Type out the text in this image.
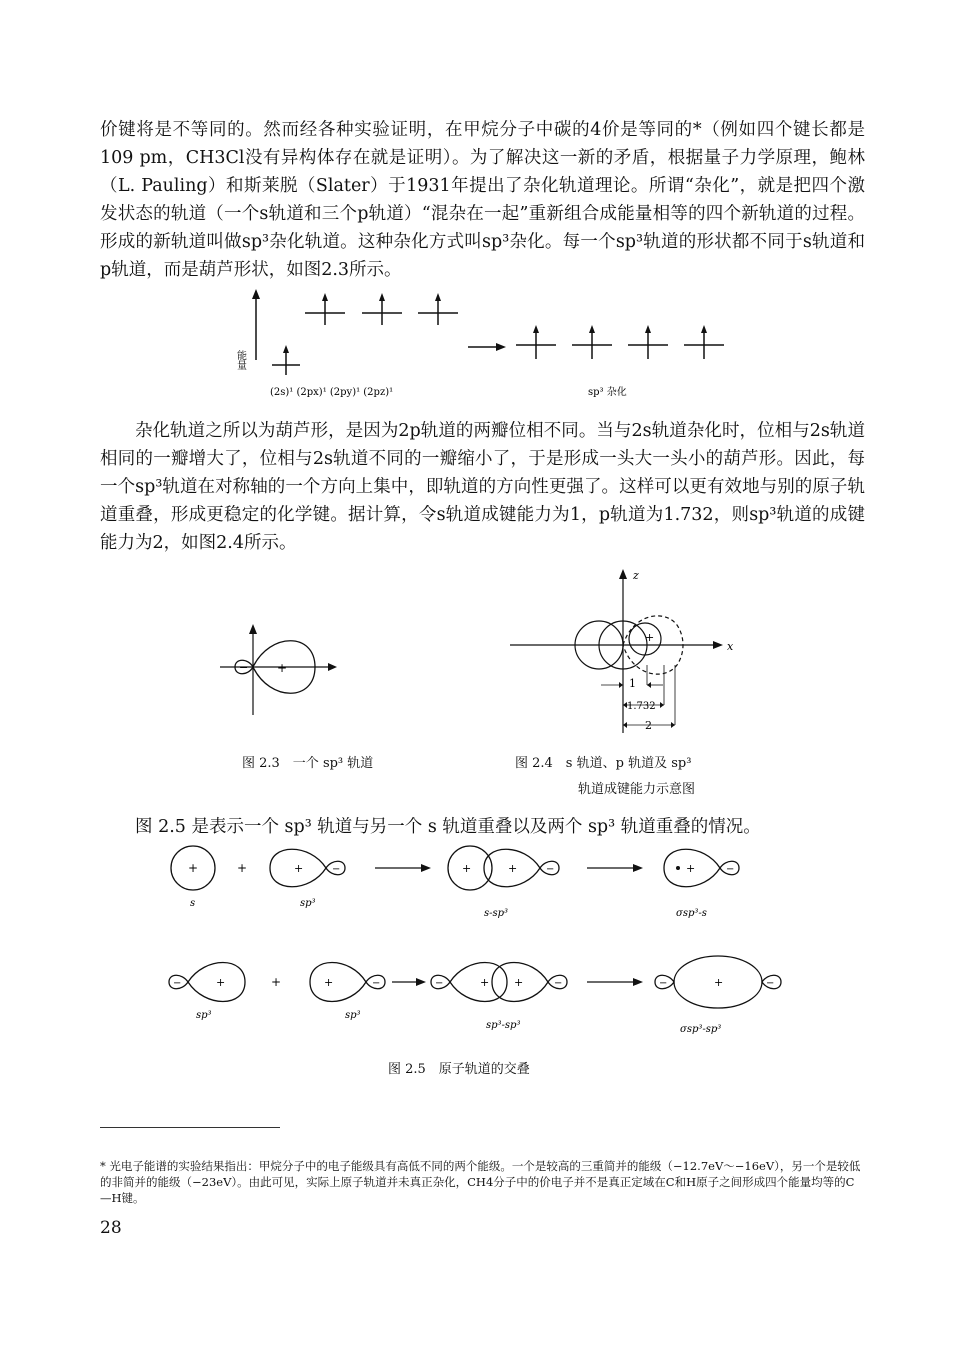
价键将是不等同的。然而经各种实验证明，在甲烷分子中碳的4价是等同的*（例如四个键长都是109 pm，CH3Cl没有异构体存在就是证明）。为了解决这一新的矛盾，根据量子力学原理，鲍林（L. Pauling）和斯莱脱（Slater）于1931年提出了杂化轨道理论。所谓“杂化”，就是把四个激发状态的轨道（一个s轨道和三个p轨道）“混杂在一起”重新组合成能量相等的四个新轨道的过程。形成的新轨道叫做sp³杂化轨道。这种杂化方式叫sp³杂化。每一个sp³轨道的形状都不同于s轨道和p轨道，而是葫芦形状，如图2.3所示。

能量
(2s)¹ (2px)¹ (2py)¹ (2pz)¹	sp³ 杂化

杂化轨道之所以为葫芦形，是因为2p轨道的两瓣位相不同。当与2s轨道杂化时，位相与2s轨道相同的一瓣增大了，位相与2s轨道不同的一瓣缩小了，于是形成一头大一头小的葫芦形。因此，每一个sp³轨道在对称轴的一个方向上集中，即轨道的方向性更强了。这样可以更有效地与别的原子轨道重叠，形成更稳定的化学键。据计算，令s轨道成键能力为1，p轨道为1.732，则sp³轨道的成键能力为2，如图2.4所示。

+
−
z
x
+
1
1.732
2
图 2.3　一个 sp³ 轨道	图 2.4　s 轨道、p 轨道及 sp³
轨道成键能力示意图

图 2.5 是表示一个 sp³ 轨道与另一个 s 轨道重叠以及两个 sp³ 轨道重叠的情况。

+	+	+	−	+	+	−	+	−
s	sp³
s-sp³	σsp³-s
+
−	+	+	−	+ +
−	−	+
−	−
sp³	sp³
sp³-sp³	σsp³-sp³
图 2.5　原子轨道的交叠
* 光电子能谱的实验结果指出：甲烷分子中的电子能级具有高低不同的两个能级。一个是较高的三重简并的能级（−12.7eV～−16eV），另一个是较低的非简并的能级（−23eV）。由此可见，实际上原子轨道并未真正杂化，CH4分子中的价电子并不是真正定域在C和H原子之间形成四个能量均等的C—H键。
28
